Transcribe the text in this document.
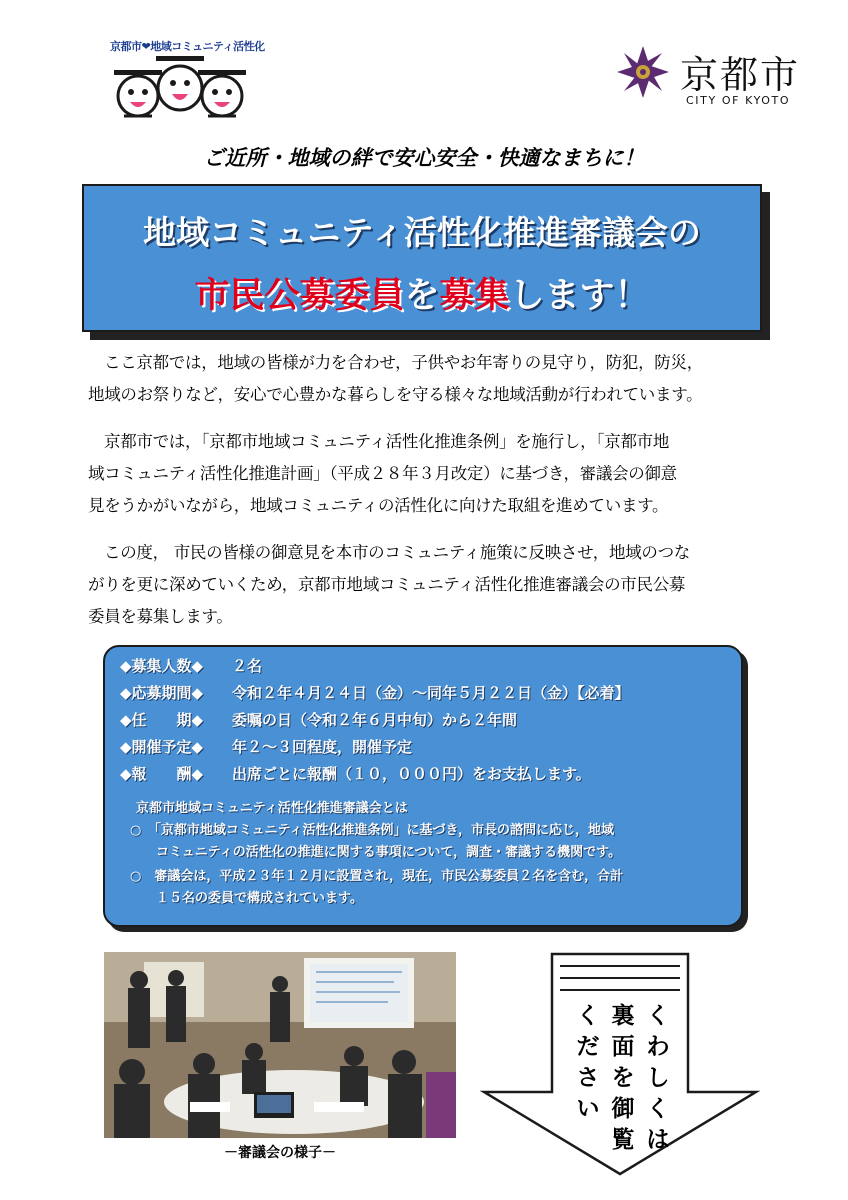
京都市❤地域コミュニティ活性化
京都市
CITY OF KYOTO
ご近所・地域の絆で安心安全・快適なまちに！
地域コミュニティ活性化推進審議会の
市民公募委員を募集します！
ここ京都では，地域の皆様が力を合わせ，子供やお年寄りの見守り，防犯，防災，
地域のお祭りなど，安心で心豊かな暮らしを守る様々な地域活動が行われています。
京都市では，「京都市地域コミュニティ活性化推進条例」を施行し，「京都市地
域コミュニティ活性化推進計画」（平成２８年３月改定）に基づき，審議会の御意
見をうかがいながら，地域コミュニティの活性化に向けた取組を進めています。
この度， 市民の皆様の御意見を本市のコミュニティ施策に反映させ，地域のつな
がりを更に深めていくため，京都市地域コミュニティ活性化推進審議会の市民公募
委員を募集します。
◆募集人数◆ ２名
◆応募期間◆ 令和２年４月２４日（金）～同年５月２２日（金）【必着】
◆任　　期◆ 委嘱の日（令和２年６月中旬）から２年間
◆開催予定◆ 年２～３回程度，開催予定
◆報　　酬◆ 出席ごとに報酬（１０，０００円）をお支払します。
京都市地域コミュニティ活性化推進審議会とは
○　「京都市地域コミュニティ活性化推進条例」に基づき，市長の諮問に応じ，地域
　　コミュニティの活性化の推進に関する事項について，調査・審議する機関です。
○　審議会は，平成２３年１２月に設置され，現在，市民公募委員２名を含む，合計
　　１５名の委員で構成されています。
－審議会の様子－
くわしくは
裏面を御覧
ください
